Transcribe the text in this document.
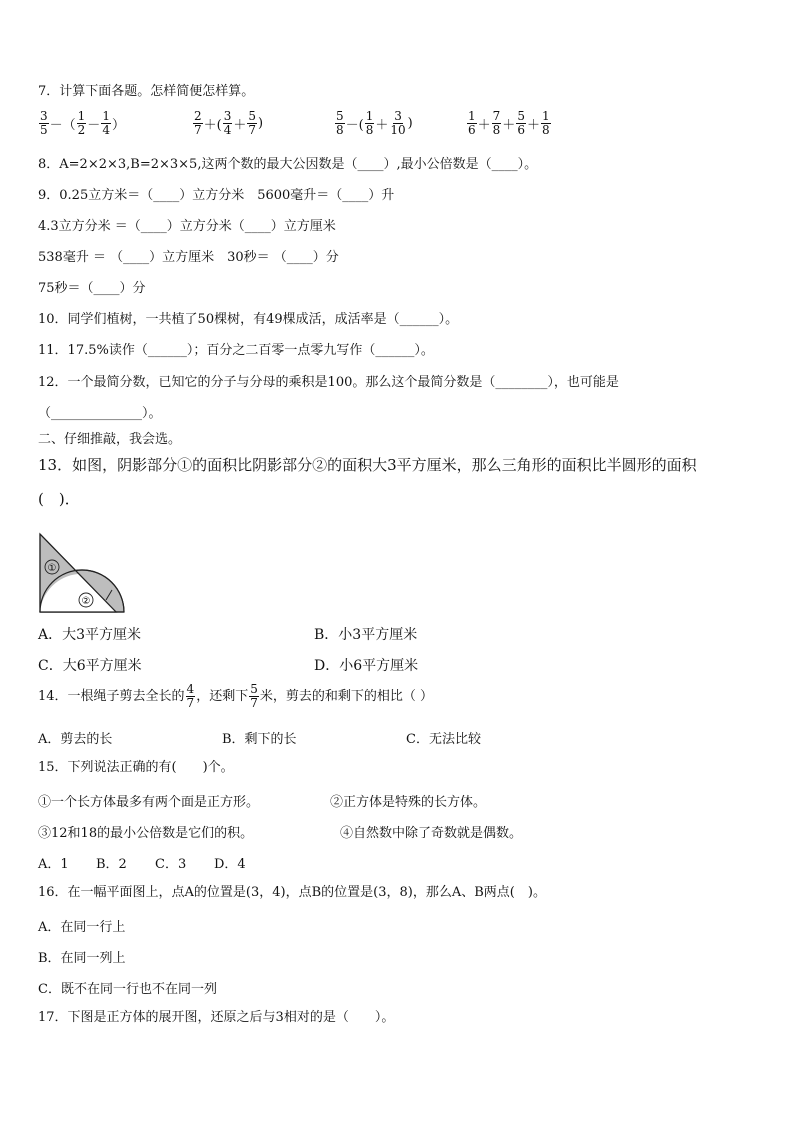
7．计算下面各题。怎样简便怎样算。
$\frac{3}{5}$ －（ $\frac{1}{2} - \frac{1}{4}$ ）	$\frac{2}{7}$ ＋( $\frac{3}{4} + \frac{5}{7}$ )	$\frac{5}{8}$ －( $\frac{1}{8} + \frac{3}{10}$ )	$\frac{1}{6} + \frac{7}{8} + \frac{5}{6} + \frac{1}{8}$
8．A=2×2×3,B=2×3×5,这两个数的最大公因数是（____）,最小公倍数是（____）。
9．0.25立方米＝（____）立方分米　5600毫升＝（____）升
4.3立方分米 ＝（____）立方分米（____）立方厘米
538毫升 ＝ （____）立方厘米　30秒＝ （____）分
75秒＝（____）分
10．同学们植树，一共植了50棵树，有49棵成活，成活率是（______）。
11．17.5%读作（______）；百分之二百零一点零九写作（______）。
12．一个最简分数，已知它的分子与分母的乘积是100。那么这个最简分数是（________），也可能是
（______________）。
二、仔细推敲，我会选。
13．如图，阴影部分①的面积比阴影部分②的面积大3平方厘米，那么三角形的面积比半圆形的面积
(　)．
①
②
A．大3平方厘米	B．小3平方厘米
C．大6平方厘米	D．小6平方厘米
14．一根绳子剪去全长的 $\frac{4}{7}$ ，还剩下 $\frac{5}{7}$ 米，剪去的和剩下的相比（ ）
A．剪去的长	B．剩下的长	C．无法比较
15．下列说法正确的有(　　)个。
①一个长方体最多有两个面是正方形。	②正方体是特殊的长方体。
③12和18的最小公倍数是它们的积。	④自然数中除了奇数就是偶数。
A．1 B．2 C．3 D．4
16．在一幅平面图上，点A的位置是(3，4)，点B的位置是(3，8)，那么A、B两点(　)。
A．在同一行上
B．在同一列上
C．既不在同一行也不在同一列
17．下图是正方体的展开图，还原之后与3相对的是（　　）。
